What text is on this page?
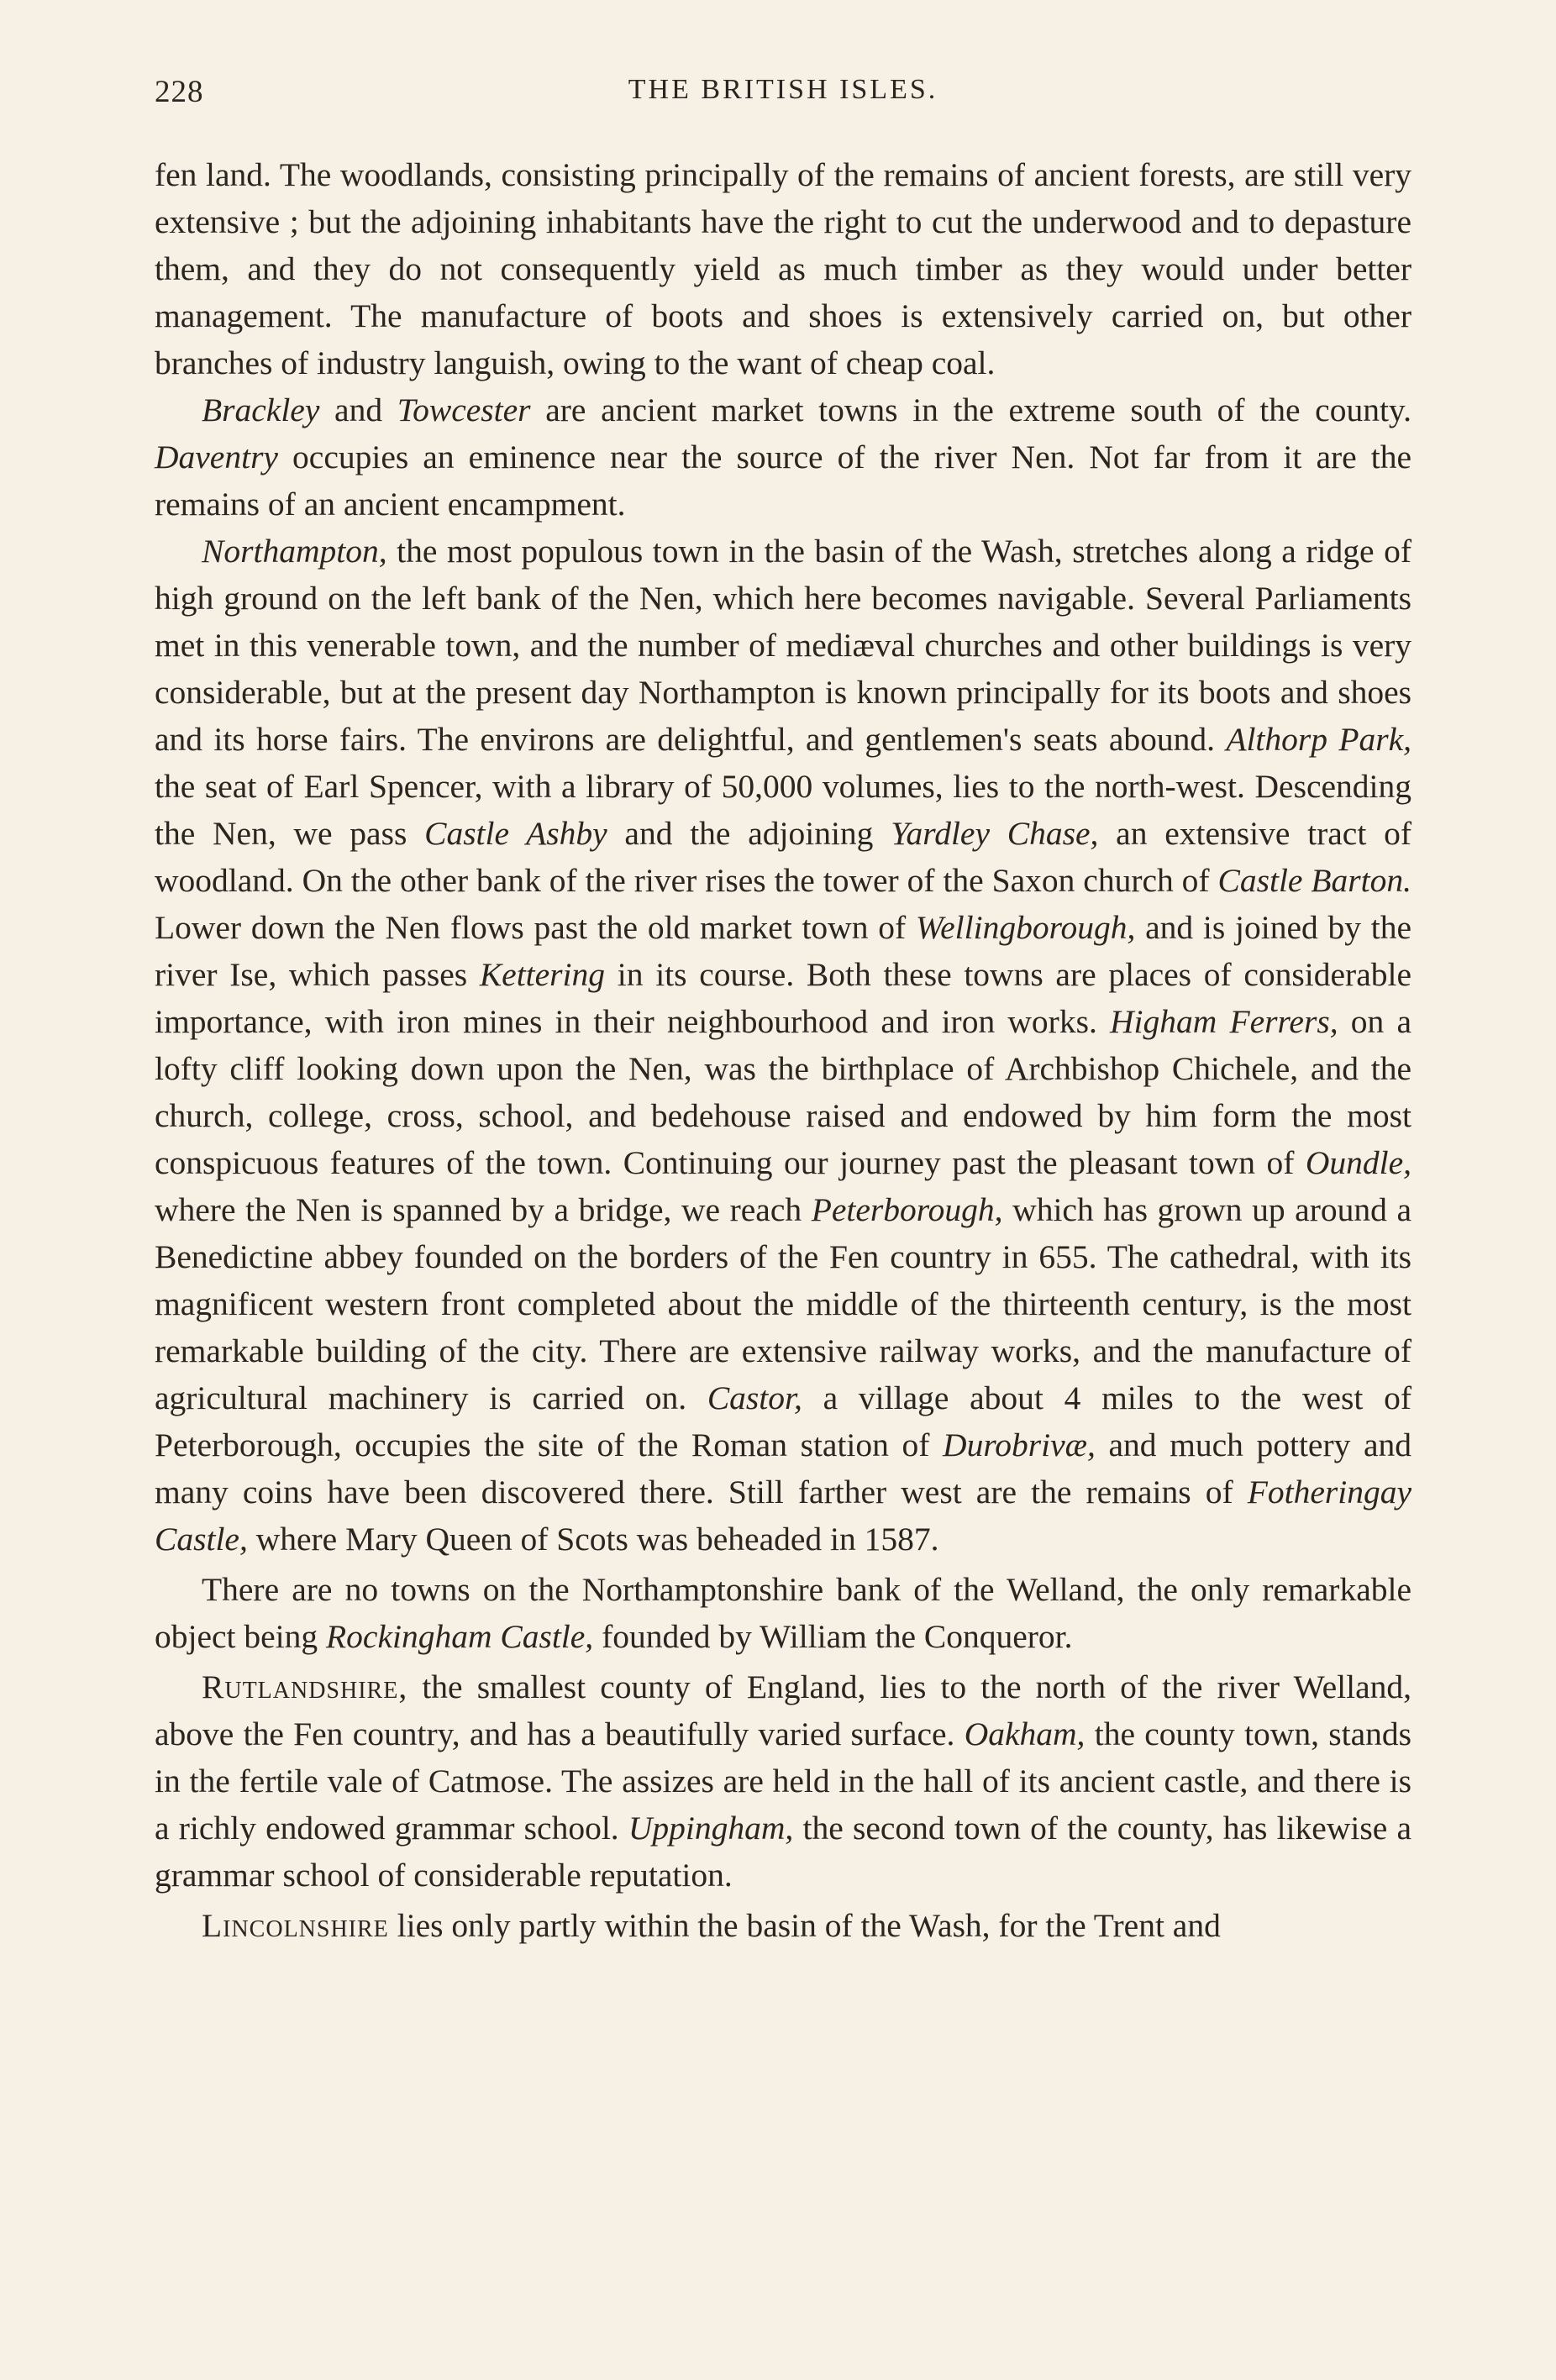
228	THE BRITISH ISLES.

fen land. The woodlands, consisting principally of the remains of ancient forests, are still very extensive ; but the adjoining inhabitants have the right to cut the underwood and to depasture them, and they do not consequently yield as much timber as they would under better management. The manufacture of boots and shoes is extensively carried on, but other branches of industry languish, owing to the want of cheap coal.

Brackley and Towcester are ancient market towns in the extreme south of the county. Daventry occupies an eminence near the source of the river Nen. Not far from it are the remains of an ancient encampment.

Northampton, the most populous town in the basin of the Wash, stretches along a ridge of high ground on the left bank of the Nen, which here becomes navigable. Several Parliaments met in this venerable town, and the number of mediæval churches and other buildings is very considerable, but at the present day Northampton is known principally for its boots and shoes and its horse fairs. The environs are delightful, and gentlemen's seats abound. Althorp Park, the seat of Earl Spencer, with a library of 50,000 volumes, lies to the north-west. Descending the Nen, we pass Castle Ashby and the adjoining Yardley Chase, an extensive tract of woodland. On the other bank of the river rises the tower of the Saxon church of Castle Barton. Lower down the Nen flows past the old market town of Wellingborough, and is joined by the river Ise, which passes Kettering in its course. Both these towns are places of considerable importance, with iron mines in their neighbourhood and iron works. Higham Ferrers, on a lofty cliff looking down upon the Nen, was the birthplace of Archbishop Chichele, and the church, college, cross, school, and bedehouse raised and endowed by him form the most conspicuous features of the town. Continuing our journey past the pleasant town of Oundle, where the Nen is spanned by a bridge, we reach Peterborough, which has grown up around a Benedictine abbey founded on the borders of the Fen country in 655. The cathedral, with its magnificent western front completed about the middle of the thirteenth century, is the most remarkable building of the city. There are extensive railway works, and the manufacture of agricultural machinery is carried on. Castor, a village about 4 miles to the west of Peterborough, occupies the site of the Roman station of Durobrivæ, and much pottery and many coins have been discovered there. Still farther west are the remains of Fotheringay Castle, where Mary Queen of Scots was beheaded in 1587.

There are no towns on the Northamptonshire bank of the Welland, the only remarkable object being Rockingham Castle, founded by William the Conqueror.

Rutlandshire, the smallest county of England, lies to the north of the river Welland, above the Fen country, and has a beautifully varied surface. Oakham, the county town, stands in the fertile vale of Catmose. The assizes are held in the hall of its ancient castle, and there is a richly endowed grammar school. Uppingham, the second town of the county, has likewise a grammar school of considerable reputation.

Lincolnshire lies only partly within the basin of the Wash, for the Trent and
